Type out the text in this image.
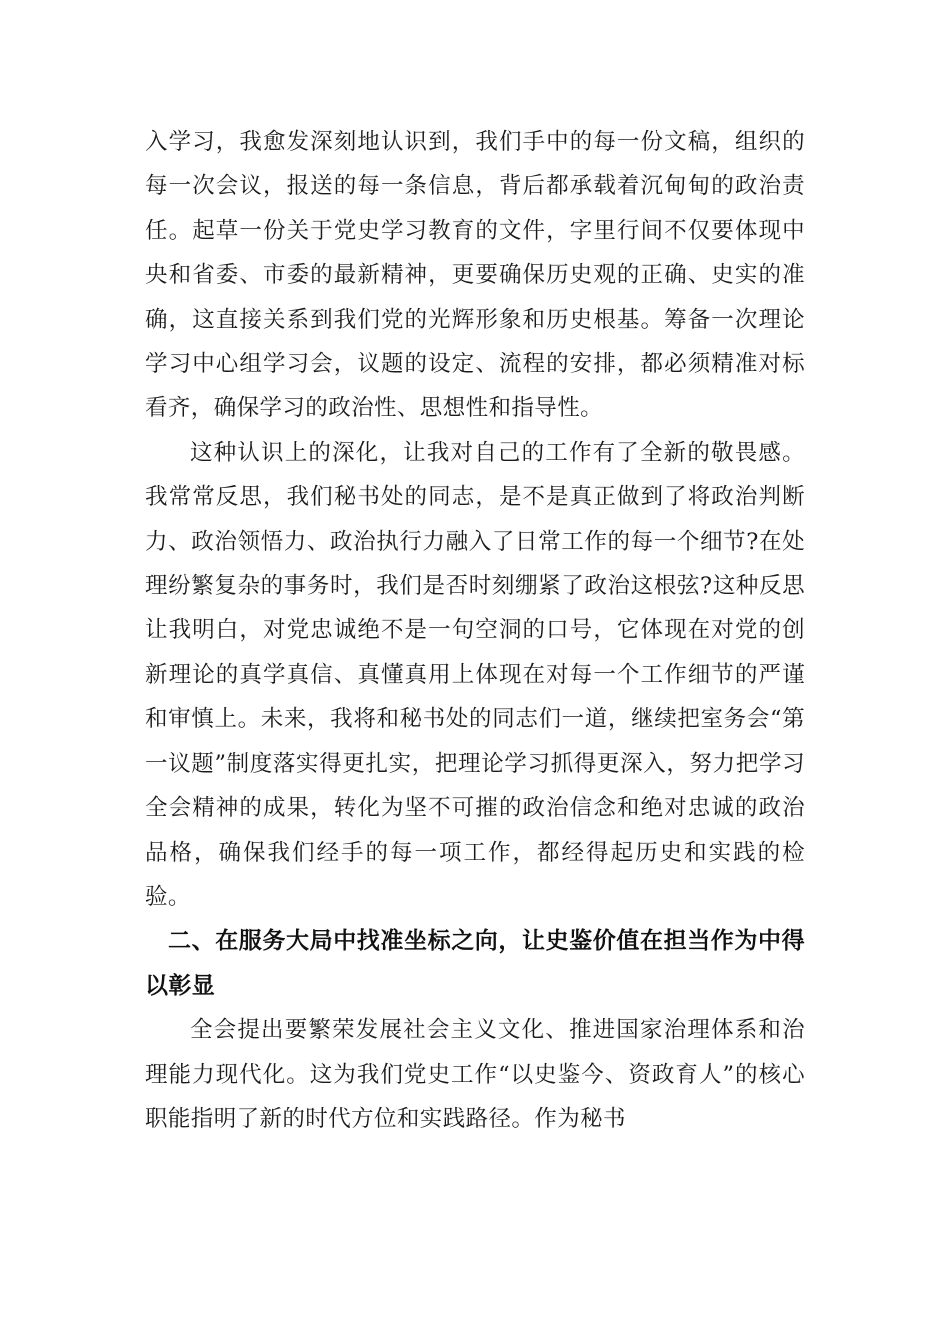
入学习，我愈发深刻地认识到，我们手中的每一份文稿，组织的每一次会议，报送的每一条信息，背后都承载着沉甸甸的政治责任。起草一份关于党史学习教育的文件，字里行间不仅要体现中央和省委、市委的最新精神，更要确保历史观的正确、史实的准确，这直接关系到我们党的光辉形象和历史根基。筹备一次理论学习中心组学习会，议题的设定、流程的安排，都必须精准对标看齐，确保学习的政治性、思想性和指导性。

这种认识上的深化，让我对自己的工作有了全新的敬畏感。我常常反思，我们秘书处的同志，是不是真正做到了将政治判断力、政治领悟力、政治执行力融入了日常工作的每一个细节?在处理纷繁复杂的事务时，我们是否时刻绷紧了政治这根弦?这种反思让我明白，对党忠诚绝不是一句空洞的口号，它体现在对党的创新理论的真学真信、真懂真用上体现在对每一个工作细节的严谨和审慎上。未来，我将和秘书处的同志们一道，继续把室务会“第一议题”制度落实得更扎实，把理论学习抓得更深入，努力把学习全会精神的成果，转化为坚不可摧的政治信念和绝对忠诚的政治品格，确保我们经手的每一项工作，都经得起历史和实践的检验。

二、在服务大局中找准坐标之向，让史鉴价值在担当作为中得以彰显

全会提出要繁荣发展社会主义文化、推进国家治理体系和治理能力现代化。这为我们党史工作“以史鉴今、资政育人”的核心职能指明了新的时代方位和实践路径。作为秘书
